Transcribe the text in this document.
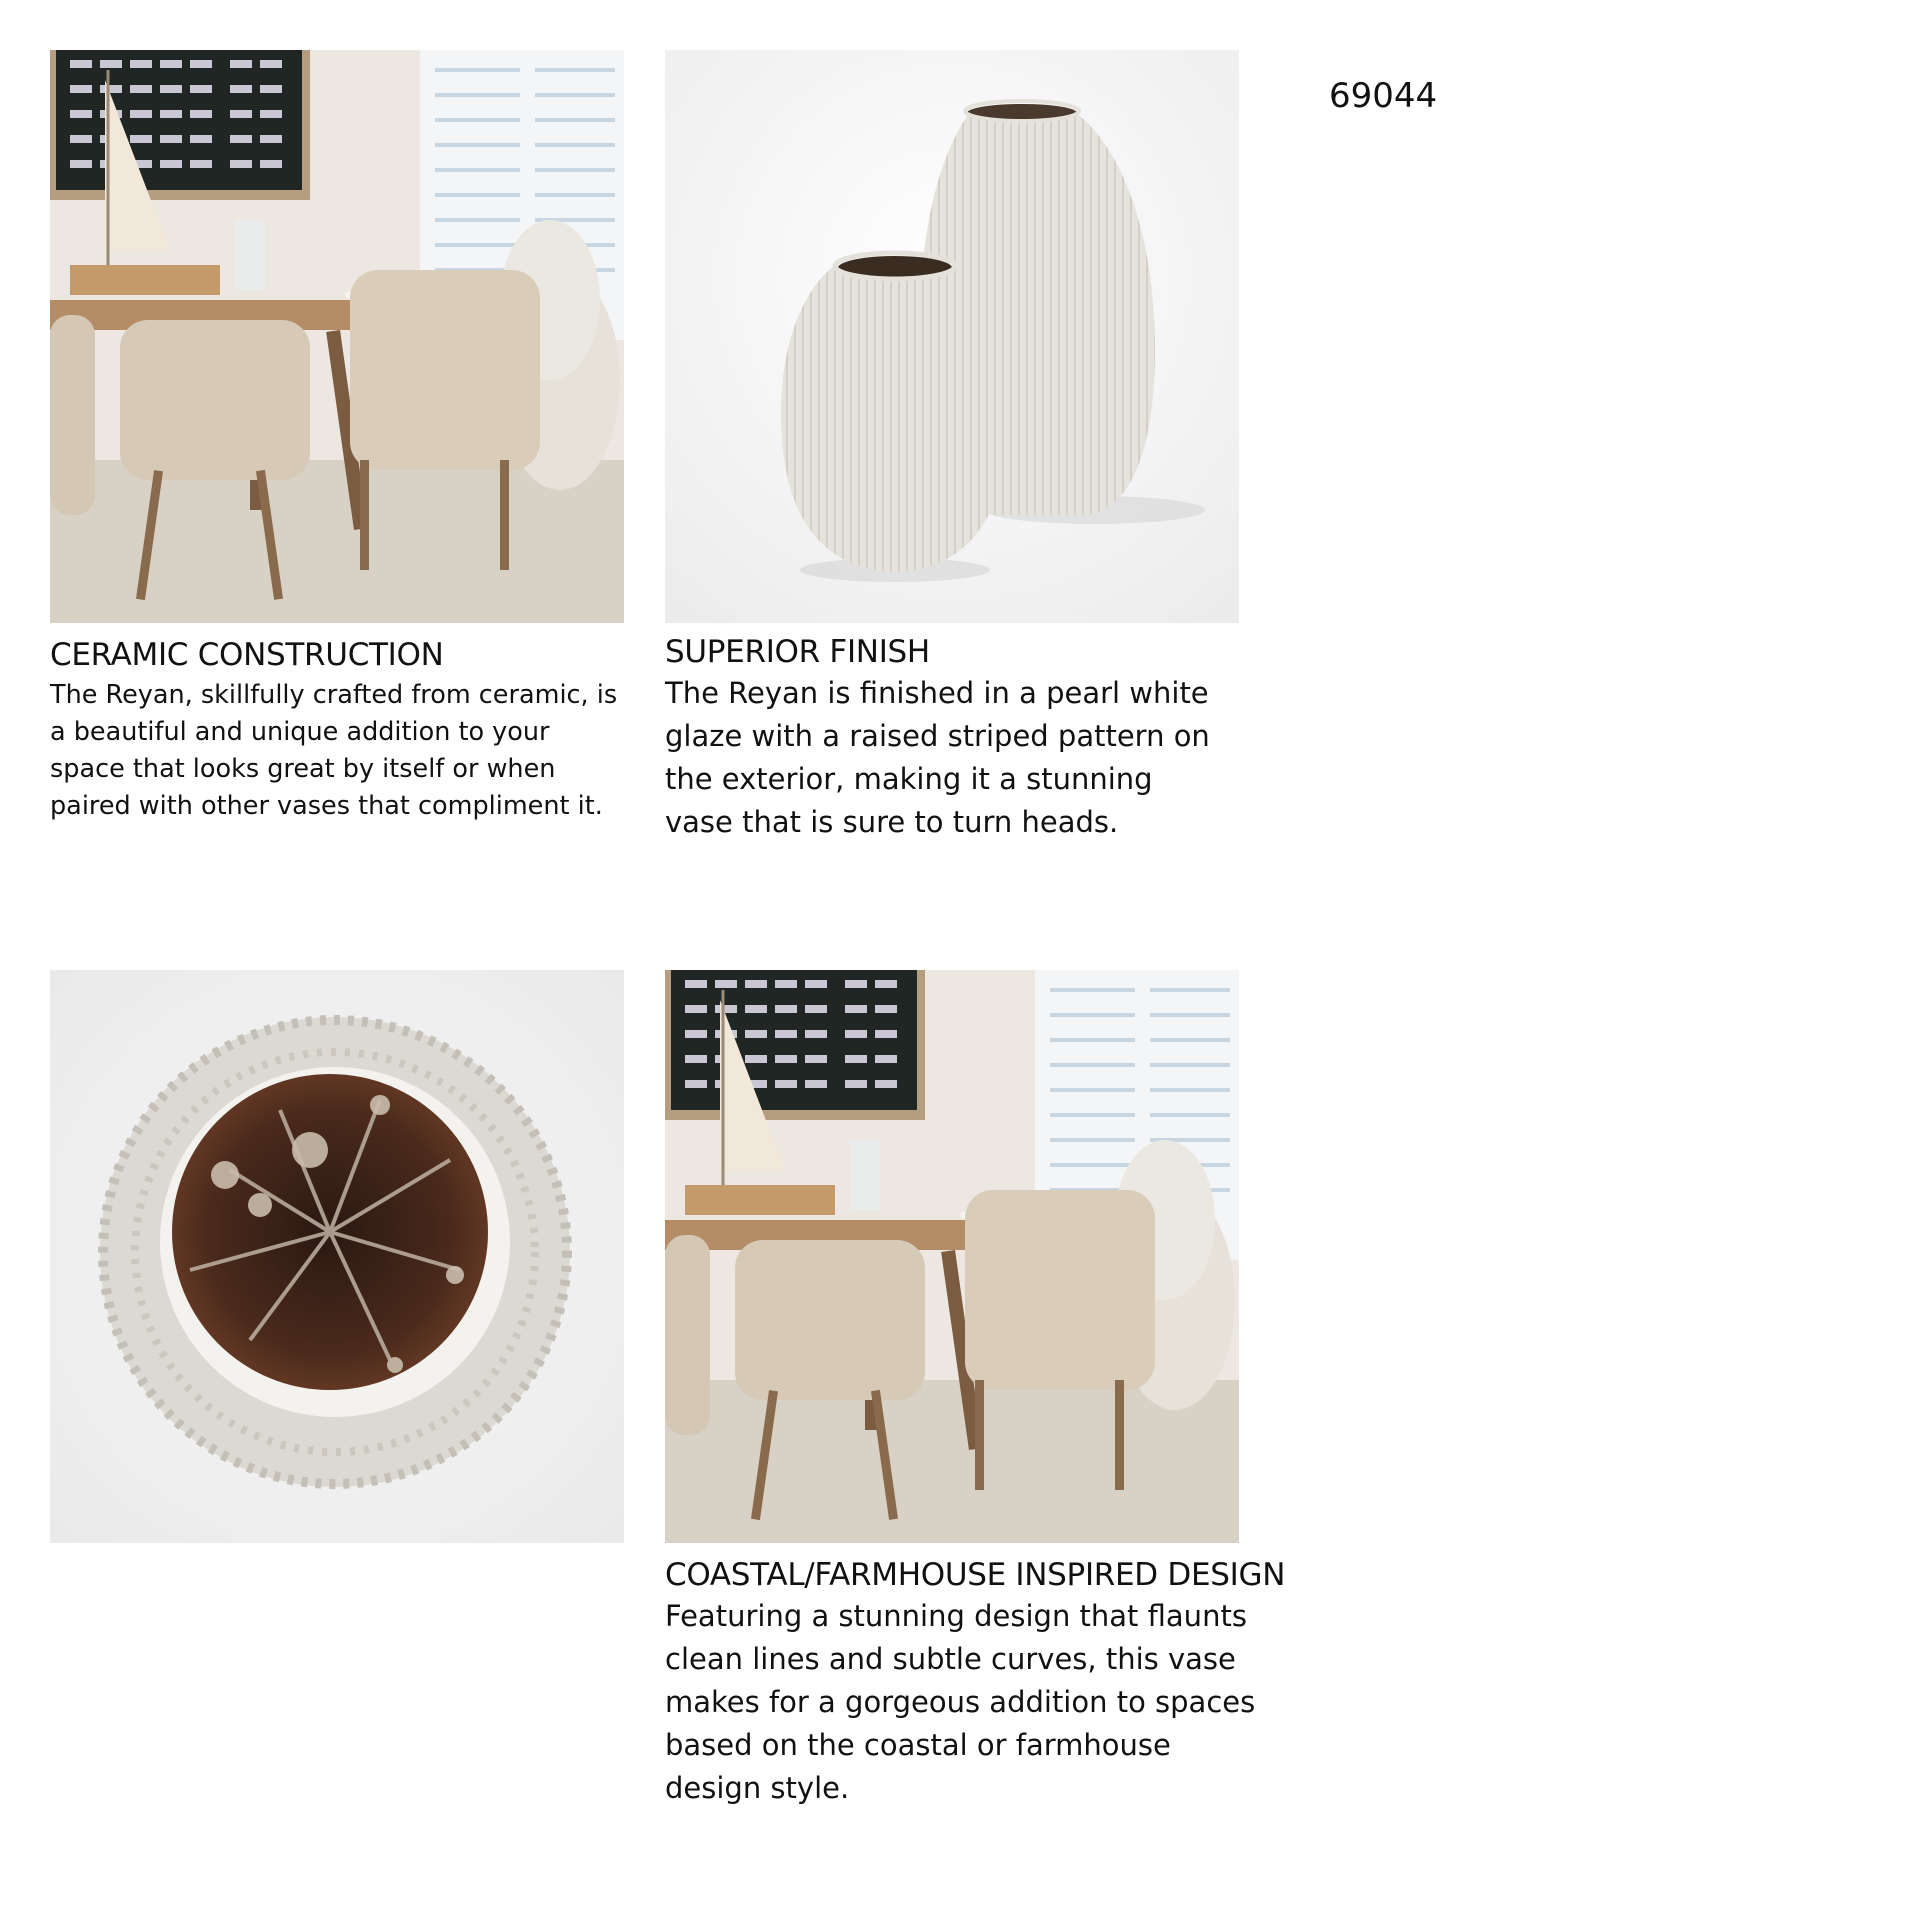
69044
CERAMIC CONSTRUCTION

The Reyan, skillfully crafted from ceramic, is a beautiful and unique addition to your space that looks great by itself or when paired with other vases that compliment it.

SUPERIOR FINISH

The Reyan is finished in a pearl white glaze with a raised striped pattern on the exterior, making it a stunning vase that is sure to turn heads.

COASTAL/FARMHOUSE INSPIRED DESIGN

Featuring a stunning design that flaunts clean lines and subtle curves, this vase makes for a gorgeous addition to spaces based on the coastal or farmhouse design style.
